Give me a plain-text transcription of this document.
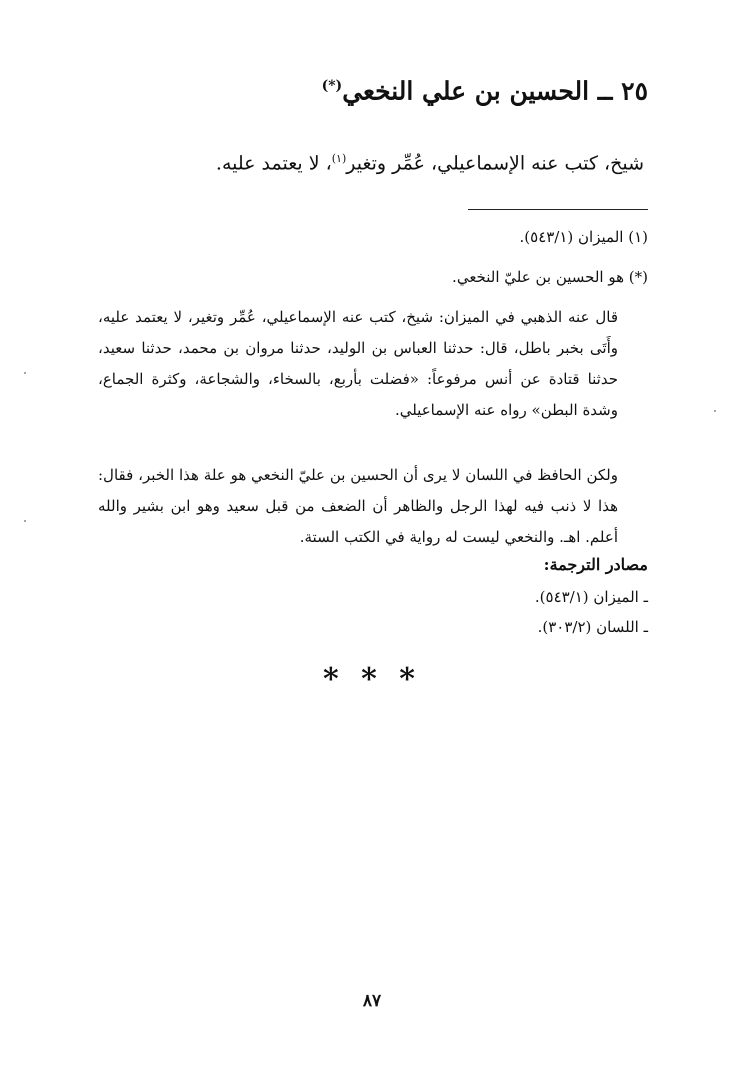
٢٥ ــ الحسين بن علي النخعي(*)
شيخ، كتب عنه الإسماعيلي، عُمِّر وتغير$^{(١)}$، لا يعتمد عليه.
(١) الميزان (٥٤٣/١).
(*) هو الحسين بن عليّ النخعي.

قال عنه الذهبي في الميزان: شيخ، كتب عنه الإسماعيلي، عُمِّر وتغير، لا يعتمد عليه، وأَتَى بخبر باطل، قال: حدثنا العباس بن الوليد، حدثنا مروان بن محمد، حدثنا سعيد، حدثنا قتادة عن أنس مرفوعاً: «فضلت بأربع، بالسخاء، والشجاعة، وكثرة الجماع، وشدة البطن» رواه عنه الإسماعيلي.

ولكن الحافظ في اللسان لا يرى أن الحسين بن عليّ النخعي هو علة هذا الخبر، فقال: هذا لا ذنب فيه لهذا الرجل والظاهر أن الضعف من قبل سعيد وهو ابن بشير والله أعلم. اهـ. والنخعي ليست له رواية في الكتب الستة.

مصادر الترجمة:
ـ الميزان (٥٤٣/١).
ـ اللسان (٣٠٣/٢).
* * *
٨٧
